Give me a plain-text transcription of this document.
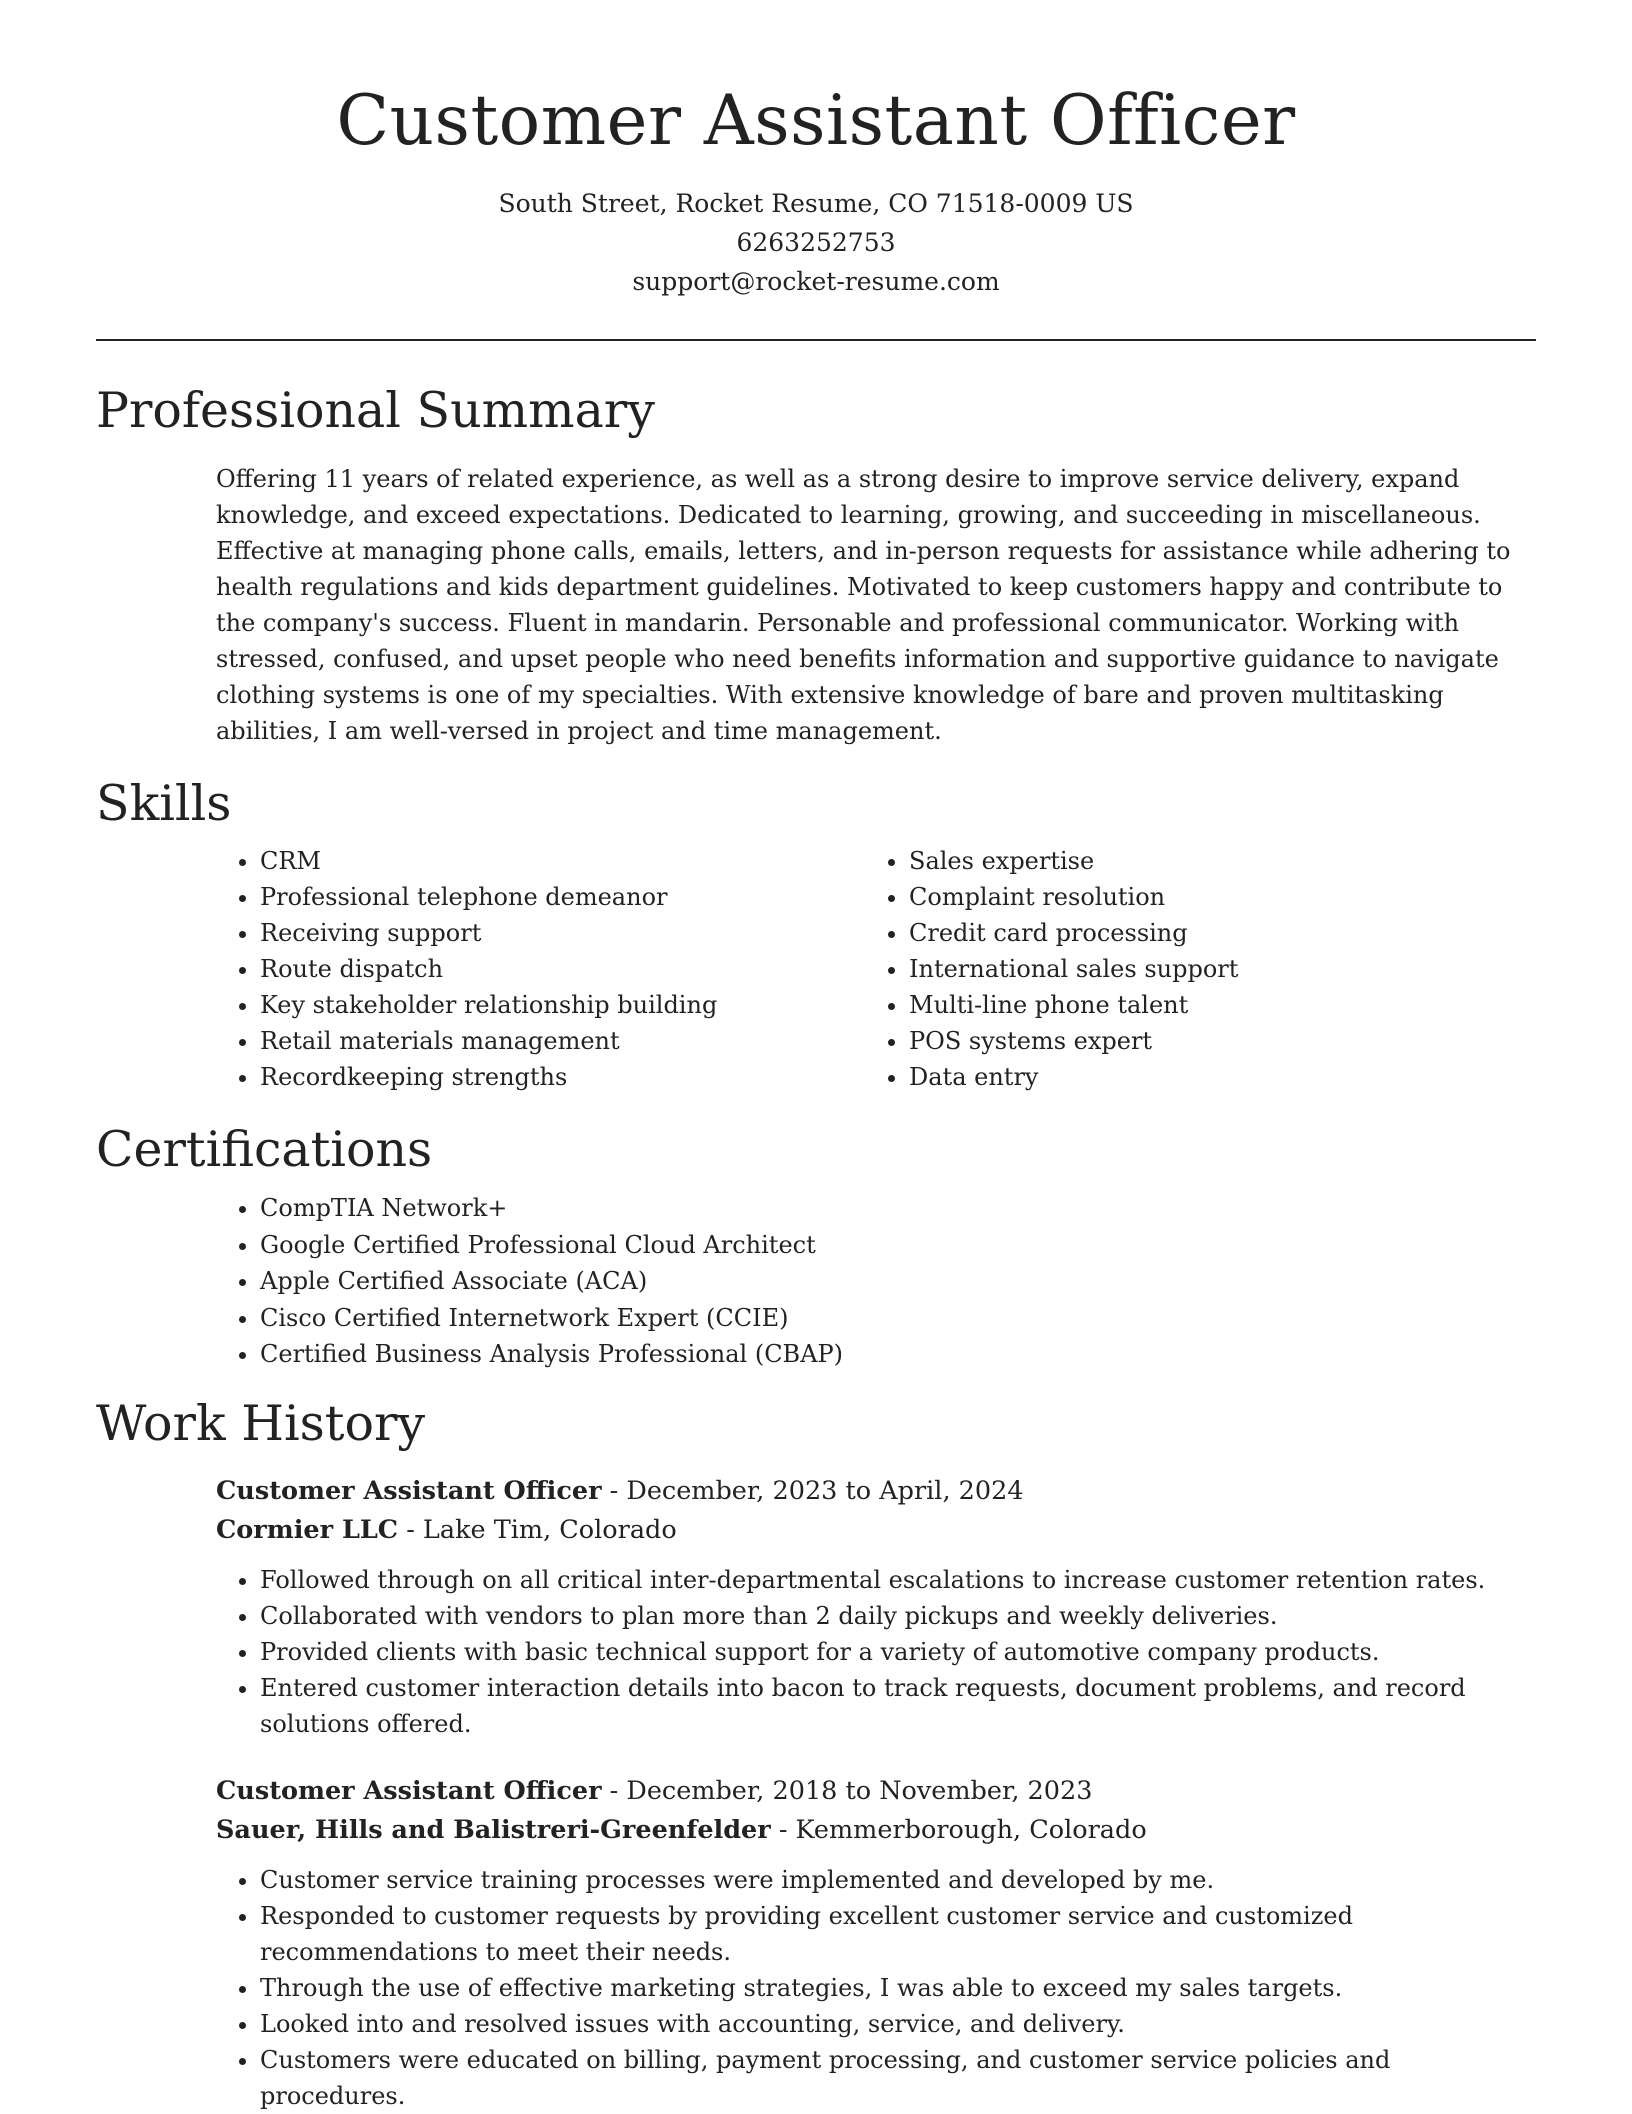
Customer Assistant Officer
South Street, Rocket Resume, CO 71518-0009 US
6263252753
support@rocket-resume.com
Professional Summary

Offering 11 years of related experience, as well as a strong desire to improve service delivery, expand knowledge, and exceed expectations. Dedicated to learning, growing, and succeeding in miscellaneous. Effective at managing phone calls, emails, letters, and in-person requests for assistance while adhering to health regulations and kids department guidelines. Motivated to keep customers happy and contribute to the company's success. Fluent in mandarin. Personable and professional communicator. Working with stressed, confused, and upset people who need benefits information and supportive guidance to navigate clothing systems is one of my specialties. With extensive knowledge of bare and proven multitasking abilities, I am well-versed in project and time management.

Skills
• CRM
• Professional telephone demeanor
• Receiving support
• Route dispatch
• Key stakeholder relationship building
• Retail materials management
• Recordkeeping strengths
• Sales expertise
• Complaint resolution
• Credit card processing
• International sales support
• Multi-line phone talent
• POS systems expert
• Data entry
Certifications
• CompTIA Network+
• Google Certified Professional Cloud Architect
• Apple Certified Associate (ACA)
• Cisco Certified Internetwork Expert (CCIE)
• Certified Business Analysis Professional (CBAP)
Work History
Customer Assistant Officer - December, 2023 to April, 2024
Cormier LLC - Lake Tim, Colorado
• Followed through on all critical inter-departmental escalations to increase customer retention rates.
• Collaborated with vendors to plan more than 2 daily pickups and weekly deliveries.
• Provided clients with basic technical support for a variety of automotive company products.
• Entered customer interaction details into bacon to track requests, document problems, and record solutions offered.
Customer Assistant Officer - December, 2018 to November, 2023
Sauer, Hills and Balistreri-Greenfelder - Kemmerborough, Colorado
• Customer service training processes were implemented and developed by me.
• Responded to customer requests by providing excellent customer service and customized recommendations to meet their needs.
• Through the use of effective marketing strategies, I was able to exceed my sales targets.
• Looked into and resolved issues with accounting, service, and delivery.
• Customers were educated on billing, payment processing, and customer service policies and procedures.
